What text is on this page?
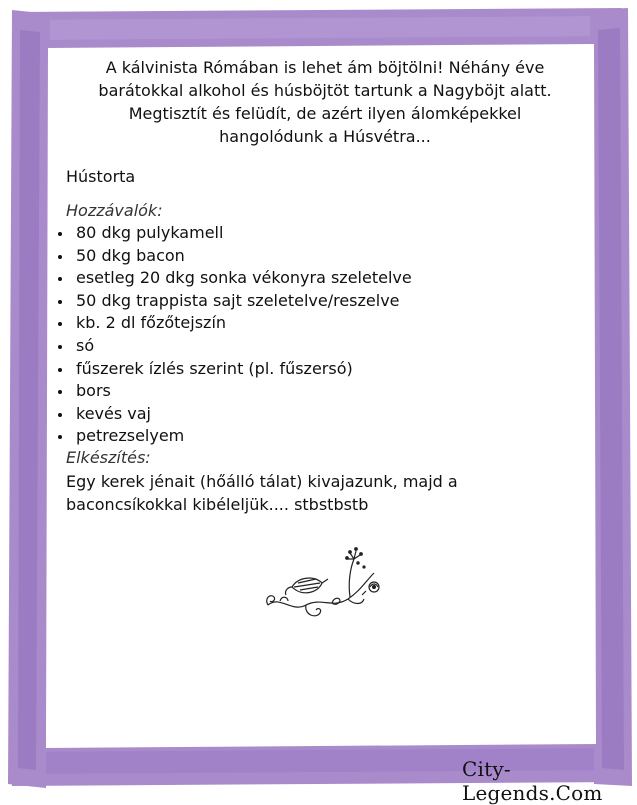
A kálvinista Rómában is lehet ám böjtölni! Néhány éve
barátokkal alkohol és húsböjtöt tartunk a Nagyböjt alatt.
Megtisztít és felüdít, de azért ilyen álomképekkel
hangolódunk a Húsvétra...
Hústorta
Hozzávalók:
80 dkg pulykamell
50 dkg bacon
esetleg 20 dkg sonka vékonyra szeletelve
50 dkg trappista sajt szeletelve/reszelve
kb. 2 dl főzőtejszín
só
fűszerek ízlés szerint (pl. fűszersó)
bors
kevés vaj
petrezselyem
Elkészítés:
Egy kerek jénait (hőálló tálat) kivajazunk, majd a
baconcsíkokkal kibéleljük.... stbstbstb
City-Legends.Com
